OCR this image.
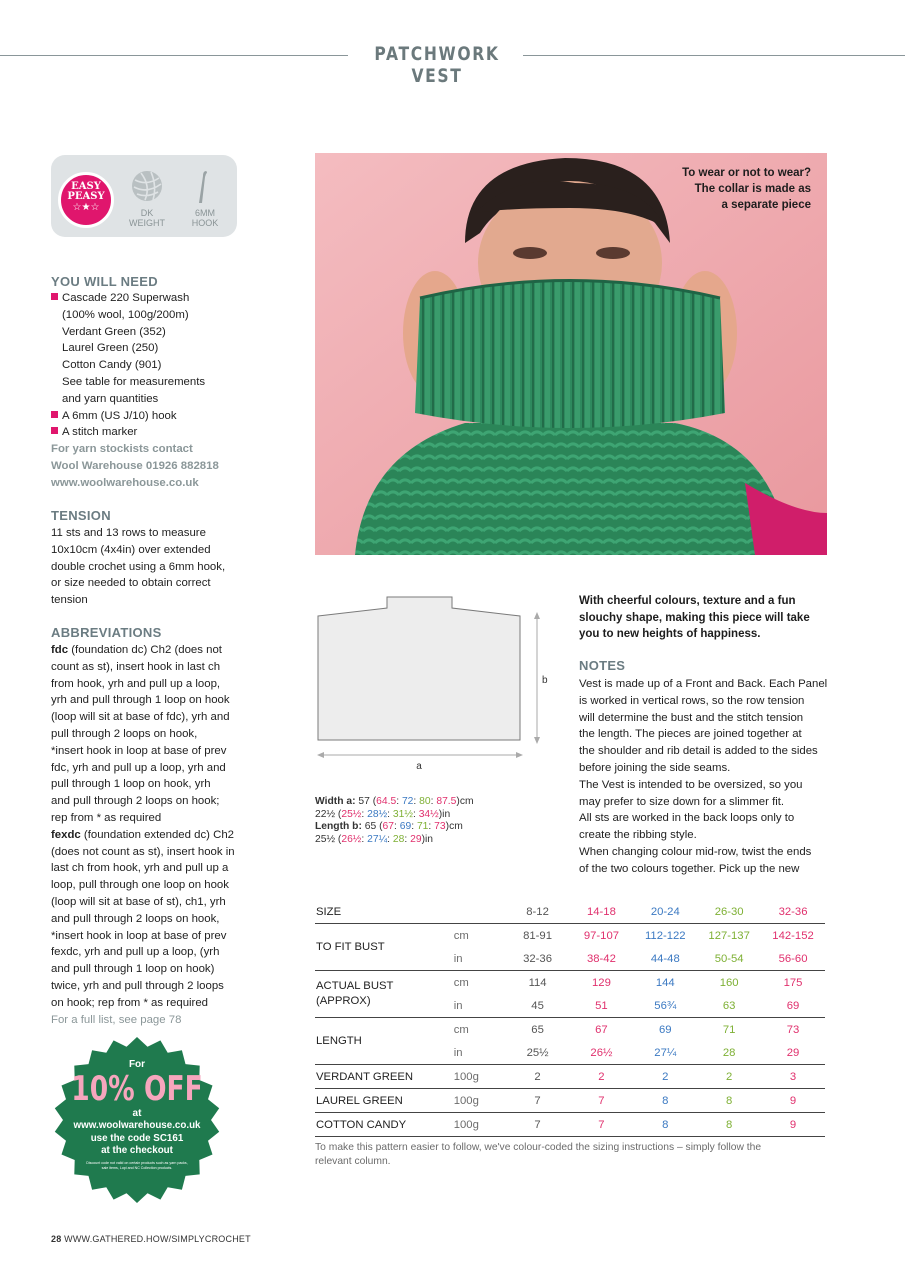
PATCHWORK VEST
EASY
PEASY
☆★☆	DK
WEIGHT
6MM
HOOK
YOU WILL NEED
Cascade 220 Superwash
(100% wool, 100g/200m)
Verdant Green (352)
Laurel Green (250)
Cotton Candy (901)
See table for measurements
and yarn quantities
A 6mm (US J/10) hook
A stitch marker
For yarn stockists contact
Wool Warehouse 01926 882818
www.woolwarehouse.co.uk
TENSION
11 sts and 13 rows to measure
10x10cm (4x4in) over extended
double crochet using a 6mm hook,
or size needed to obtain correct
tension
ABBREVIATIONS
fdc (foundation dc) Ch2 (does not
count as st), insert hook in last ch
from hook, yrh and pull up a loop,
yrh and pull through 1 loop on hook
(loop will sit at base of fdc), yrh and
pull through 2 loops on hook,
*insert hook in loop at base of prev
fdc, yrh and pull up a loop, yrh and
pull through 1 loop on hook, yrh
and pull through 2 loops on hook;
rep from * as required
fexdc (foundation extended dc) Ch2
(does not count as st), insert hook in
last ch from hook, yrh and pull up a
loop, pull through one loop on hook
(loop will sit at base of st), ch1, yrh
and pull through 2 loops on hook,
*insert hook in loop at base of prev
fexdc, yrh and pull up a loop, (yrh
and pull through 1 loop on hook)
twice, yrh and pull through 2 loops
on hook; rep from * as required
For a full list, see page 78
For
10% OFF
at
www.woolwarehouse.co.uk
use the code SC161
at the checkout
Discount code not valid on certain products such as yarn packs,
sale items, Lopi and NC Collection products.
28 WWW.GATHERED.HOW/SIMPLYCROCHET
To wear or not to wear?
The collar is made as
a separate piece
a
b
Width a: 57 (64.5: 72: 80: 87.5)cm
22½ (25½: 28½: 31½: 34½)in
Length b: 65 (67: 69: 71: 73)cm
25½ (26½: 27¼: 28: 29)in
With cheerful colours, texture and a fun
slouchy shape, making this piece will take
you to new heights of happiness.
NOTES
Vest is made up of a Front and Back. Each Panel
is worked in vertical rows, so the row tension
will determine the bust and the stitch tension
the length. The pieces are joined together at
the shoulder and rib detail is added to the sides
before joining the side seams.
The Vest is intended to be oversized, so you
may prefer to size down for a slimmer fit.
All sts are worked in the back loops only to
create the ribbing style.
When changing colour mid-row, twist the ends
of the two colours together. Pick up the new
SIZE		8-12	14-18	20-24	26-30	32-36
TO FIT BUST	cm	81-91	97-107	112-122	127-137	142-152
	in	32-36	38-42	44-48	50-54	56-60

ACTUAL BUST
(APPROX)	cm	114	129	144	160	175
	in	45	51	56¾	63	69
LENGTH	cm	65	67	69	71	73
	in	25½	26½	27¼	28	29
VERDANT GREEN	100g	2	2	2	2	3
LAUREL GREEN	100g	7	7	8	8	9
COTTON CANDY	100g	7	7	8	8	9
To make this pattern easier to follow, we've colour-coded the sizing instructions – simply follow the
relevant column.
